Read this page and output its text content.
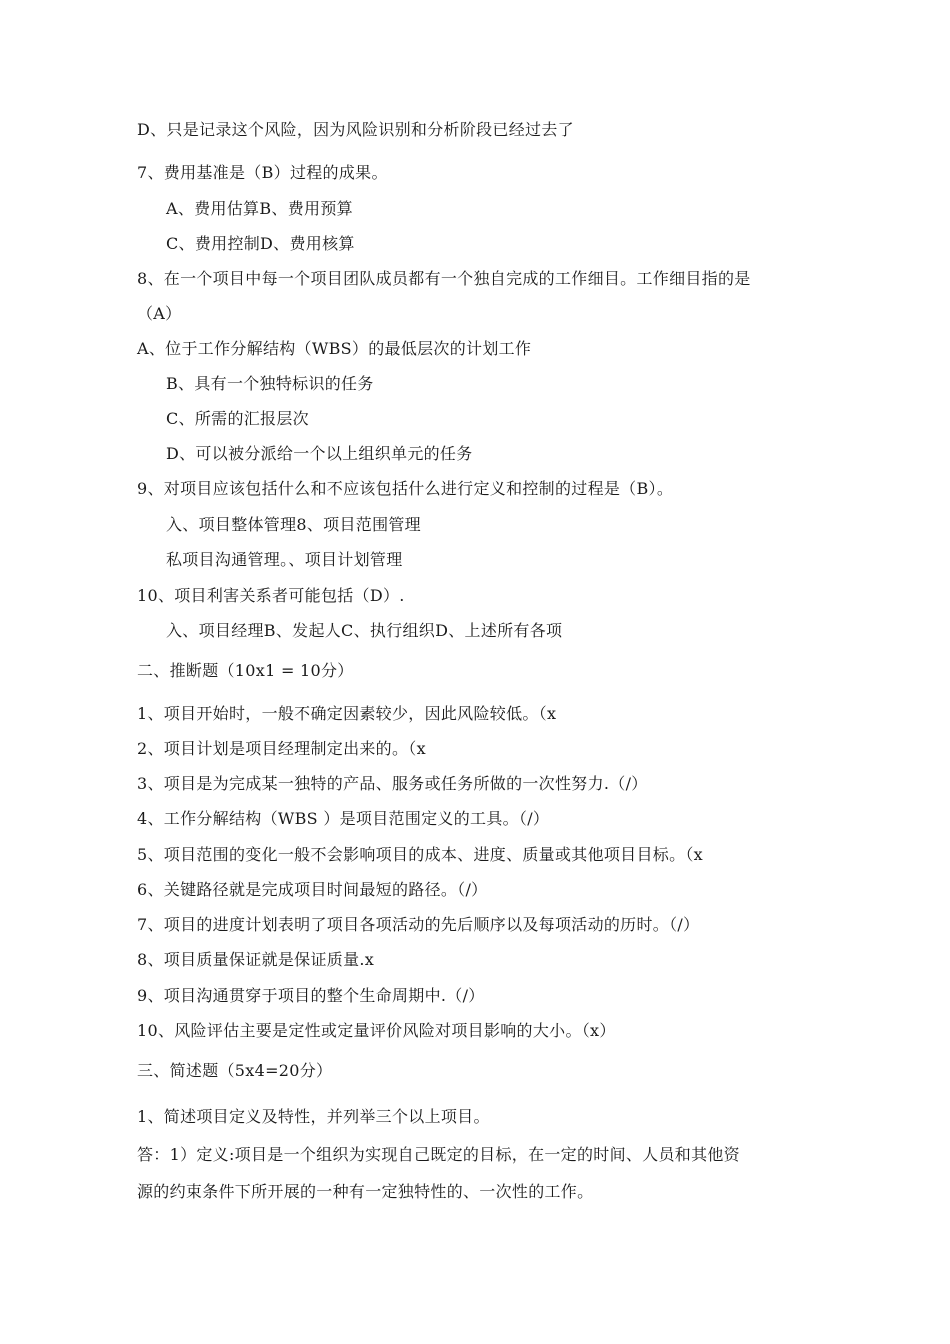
D、只是记录这个风险，因为风险识别和分析阶段已经过去了
7、费用基准是（B）过程的成果。
A、费用估算B、费用预算
C、费用控制D、费用核算
8、在一个项目中每一个项目团队成员都有一个独自完成的工作细目。工作细目指的是
（A）
A、位于工作分解结构（WBS）的最低层次的计划工作
B、具有一个独特标识的任务
C、所需的汇报层次
D、可以被分派给一个以上组织单元的任务
9、对项目应该包括什么和不应该包括什么进行定义和控制的过程是（B）。
入、项目整体管理8、项目范围管理
私项目沟通管理。、项目计划管理
10、项目利害关系者可能包括（D）.
入、项目经理B、发起人C、执行组织D、上述所有各项
二、推断题（10x1 = 10分）
1、项目开始时，一般不确定因素较少，因此风险较低。（x
2、项目计划是项目经理制定出来的。（x
3、项目是为完成某一独特的产品、服务或任务所做的一次性努力.（/）
4、工作分解结构（WBS ）是项目范围定义的工具。（/）
5、项目范围的变化一般不会影响项目的成本、进度、质量或其他项目目标。（x
6、关键路径就是完成项目时间最短的路径。（/）
7、项目的进度计划表明了项目各项活动的先后顺序以及每项活动的历时。（/）
8、项目质量保证就是保证质量.x
9、项目沟通贯穿于项目的整个生命周期中.（/）
10、风险评估主要是定性或定量评价风险对项目影响的大小。（x）
三、简述题（5x4=20分）
1、简述项目定义及特性，并列举三个以上项目。
答：1）定义:项目是一个组织为实现自己既定的目标，在一定的时间、人员和其他资
源的约束条件下所开展的一种有一定独特性的、一次性的工作。
